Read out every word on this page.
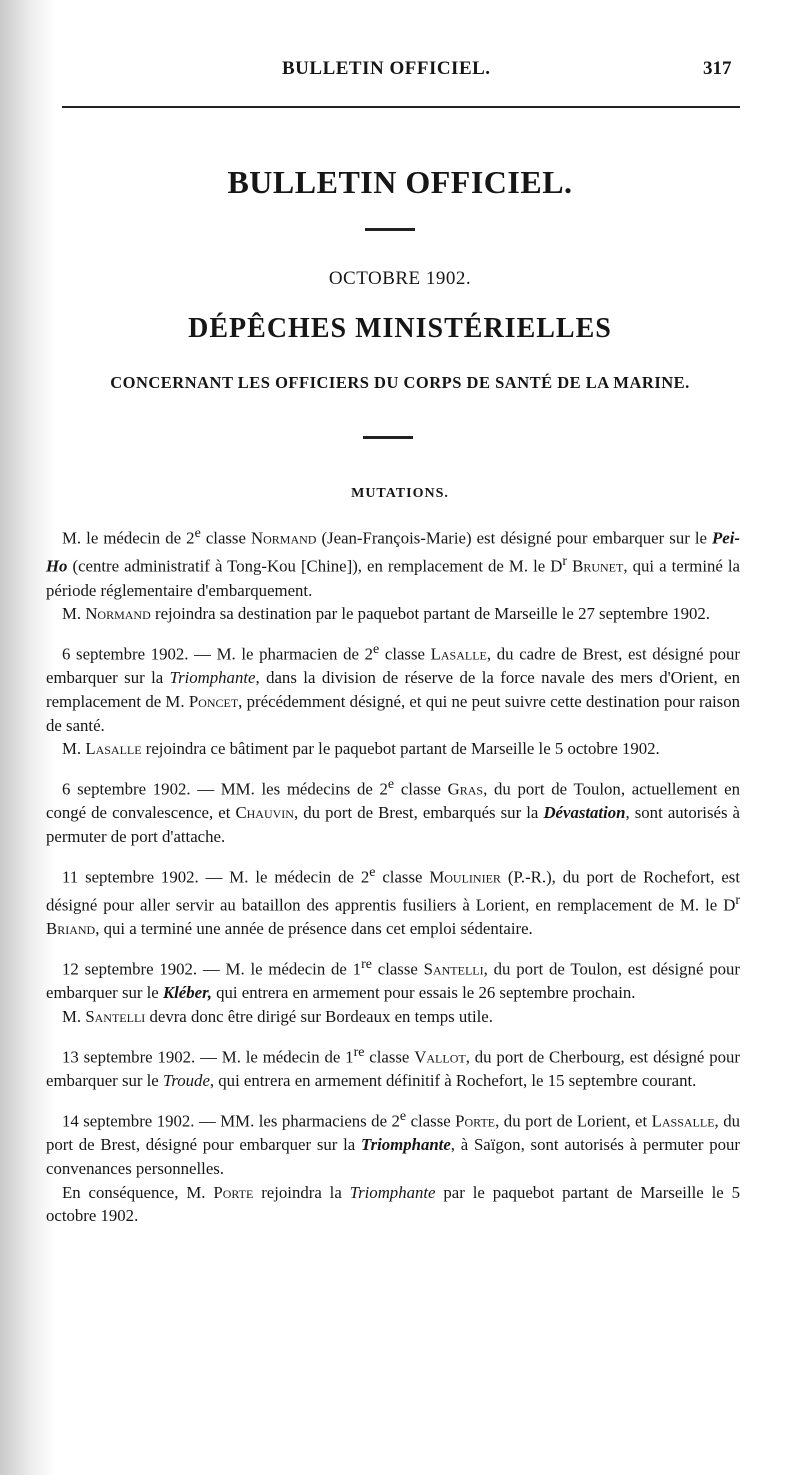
BULLETIN OFFICIEL.	317
BULLETIN OFFICIEL.
OCTOBRE 1902.
DÉPÊCHES MINISTÉRIELLES
CONCERNANT LES OFFICIERS DU CORPS DE SANTÉ DE LA MARINE.
MUTATIONS.

M. le médecin de 2e classe Normand (Jean-François-Marie) est désigné pour embarquer sur le Pei-Ho (centre administratif à Tong-Kou [Chine]), en remplacement de M. le $D^r$ Brunet, qui a terminé la période réglementaire d'embarquement.

M. Normand rejoindra sa destination par le paquebot partant de Marseille le 27 septembre 1902.

6 septembre 1902. — M. le pharmacien de 2e classe Lasalle, du cadre de Brest, est désigné pour embarquer sur la Triomphante, dans la division de réserve de la force navale des mers d'Orient, en remplacement de M. Poncet, précédemment désigné, et qui ne peut suivre cette destination pour raison de santé.

M. Lasalle rejoindra ce bâtiment par le paquebot partant de Marseille le 5 octobre 1902.

6 septembre 1902. — MM. les médecins de 2e classe Gras, du port de Toulon, actuellement en congé de convalescence, et Chauvin, du port de Brest, embarqués sur la Dévastation, sont autorisés à permuter de port d'attache.

11 septembre 1902. — M. le médecin de 2e classe Moulinier (P.-R.), du port de Rochefort, est désigné pour aller servir au bataillon des apprentis fusiliers à Lorient, en remplacement de M. le $D^r$ Briand, qui a terminé une année de présence dans cet emploi sédentaire.

12 septembre 1902. — M. le médecin de 1re classe Santelli, du port de Toulon, est désigné pour embarquer sur le Kléber, qui entrera en armement pour essais le 26 septembre prochain.

M. Santelli devra donc être dirigé sur Bordeaux en temps utile.

13 septembre 1902. — M. le médecin de 1re classe Vallot, du port de Cherbourg, est désigné pour embarquer sur le Troude, qui entrera en armement définitif à Rochefort, le 15 septembre courant.

14 septembre 1902. — MM. les pharmaciens de 2e classe Porte, du port de Lorient, et Lassalle, du port de Brest, désigné pour embarquer sur la Triomphante, à Saïgon, sont autorisés à permuter pour convenances personnelles.

En conséquence, M. Porte rejoindra la Triomphante par le paquebot partant de Marseille le 5 octobre 1902.
